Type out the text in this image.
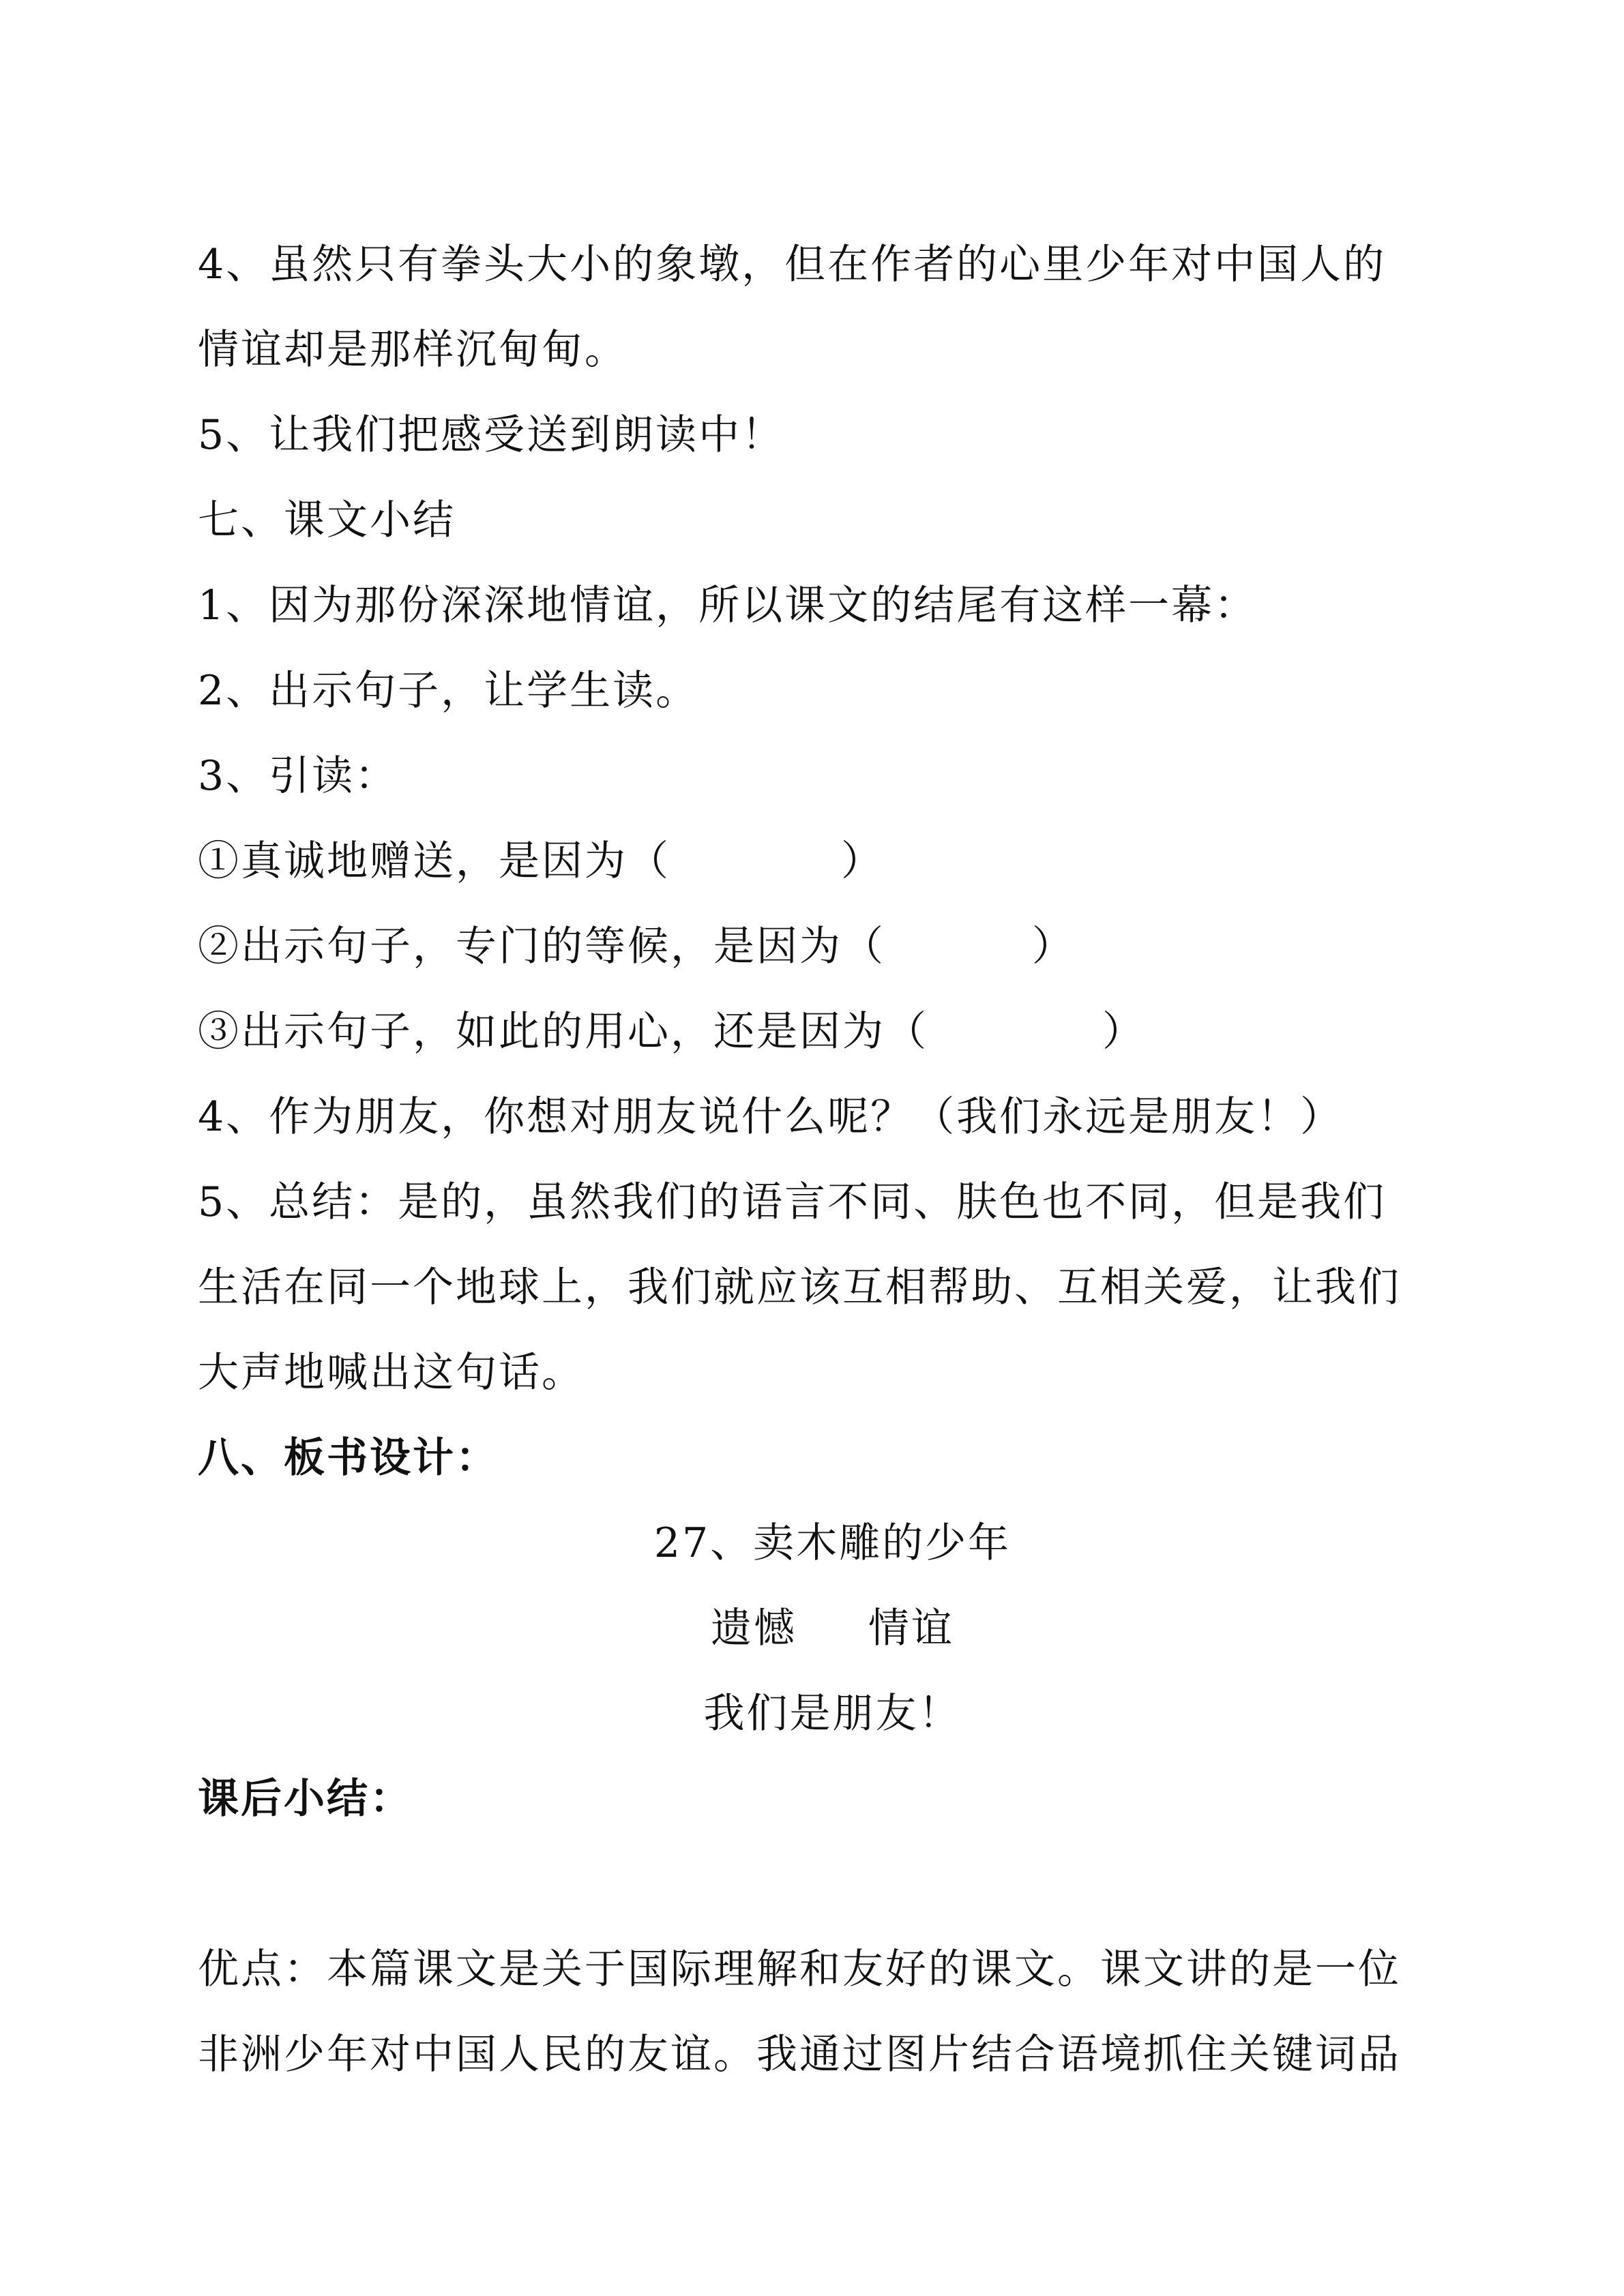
4、虽然只有拳头大小的象墩，但在作者的心里少年对中国人的
情谊却是那样沉甸甸。
5、让我们把感受送到朗读中！
七、课文小结
1、因为那份深深地情谊，所以课文的结尾有这样一幕：
2、出示句子，让学生读。
3、引读：
①真诚地赠送，是因为（	）
②出示句子，专门的等候，是因为（	）
③出示句子，如此的用心，还是因为（	）
4、作为朋友，你想对朋友说什么呢？（我们永远是朋友！）
5、总结：是的，虽然我们的语言不同、肤色也不同，但是我们
生活在同一个地球上，我们就应该互相帮助、互相关爱，让我们
大声地喊出这句话。
八、板书设计：
27、卖木雕的少年
遗憾 情谊
我们是朋友！
课后小结：
优点：本篇课文是关于国际理解和友好的课文。课文讲的是一位
非洲少年对中国人民的友谊。我通过图片结合语境抓住关键词品
